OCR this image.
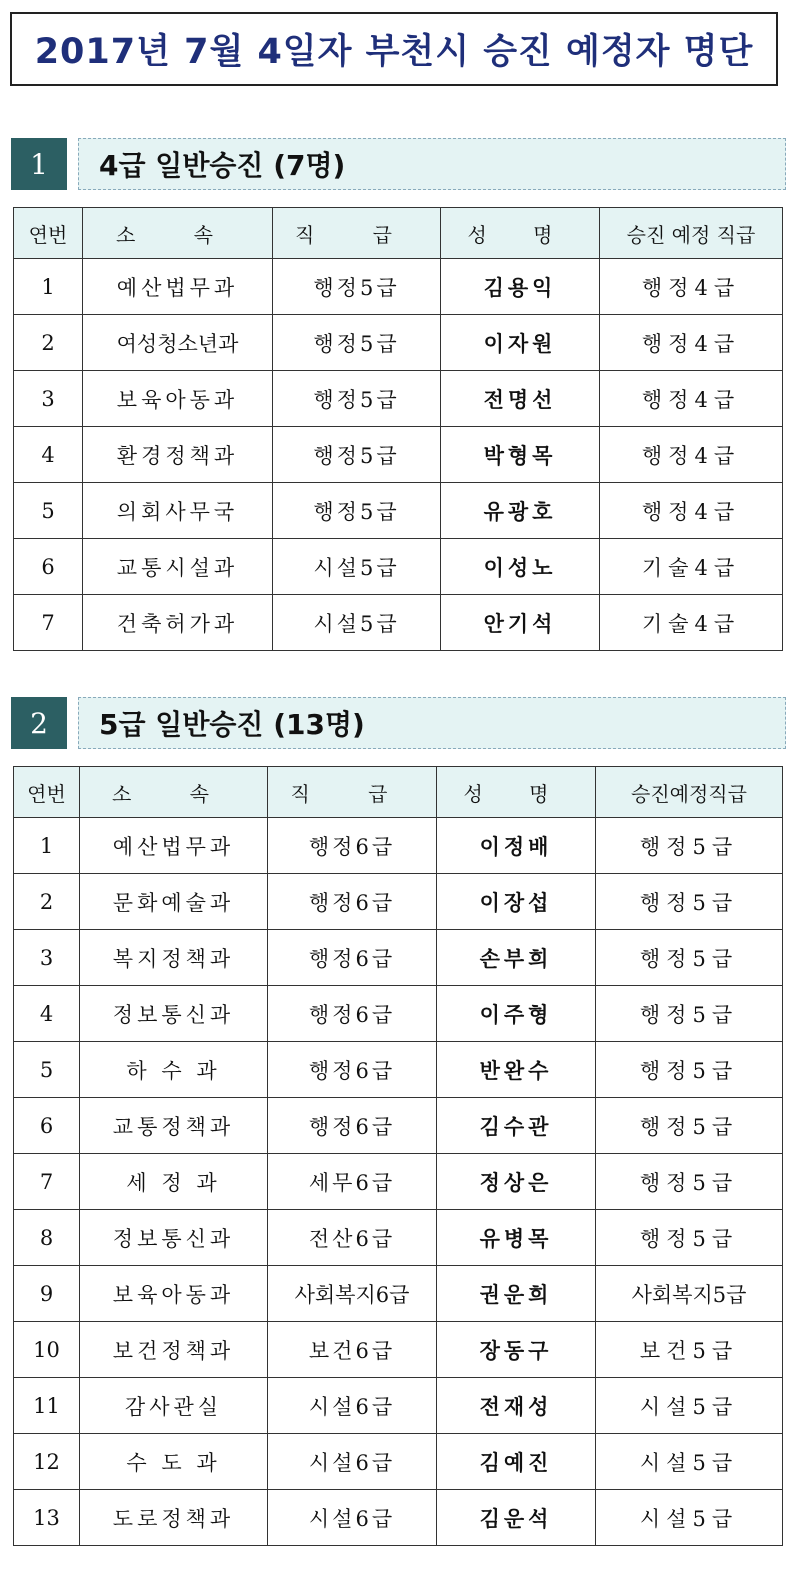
2017년 7월 4일자 부천시 승진 예정자 명단
1	4급 일반승진 (7명)
연번	소 속	직 급	성 명	승진 예정 직급
1	예산법무과	행정5급	김용익	행정4급
2	여성청소년과	행정5급	이자원	행정4급
3	보육아동과	행정5급	전명선	행정4급
4	환경정책과	행정5급	박형목	행정4급
5	의회사무국	행정5급	유광호	행정4급
6	교통시설과	시설5급	이성노	기술4급
7	건축허가과	시설5급	안기석	기술4급
2	5급 일반승진 (13명)
연번	소 속	직 급	성 명	승진예정직급
1	예산법무과	행정6급	이정배	행정5급
2	문화예술과	행정6급	이장섭	행정5급
3	복지정책과	행정6급	손부희	행정5급
4	정보통신과	행정6급	이주형	행정5급
5	하 수 과	행정6급	반완수	행정5급
6	교통정책과	행정6급	김수관	행정5급
7	세 정 과	세무6급	정상은	행정5급
8	정보통신과	전산6급	유병목	행정5급
9	보육아동과	사회복지6급	권운희	사회복지5급
10	보건정책과	보건6급	장동구	보건5급
11	감사관실	시설6급	전재성	시설5급
12	수 도 과	시설6급	김예진	시설5급
13	도로정책과	시설6급	김운석	시설5급
